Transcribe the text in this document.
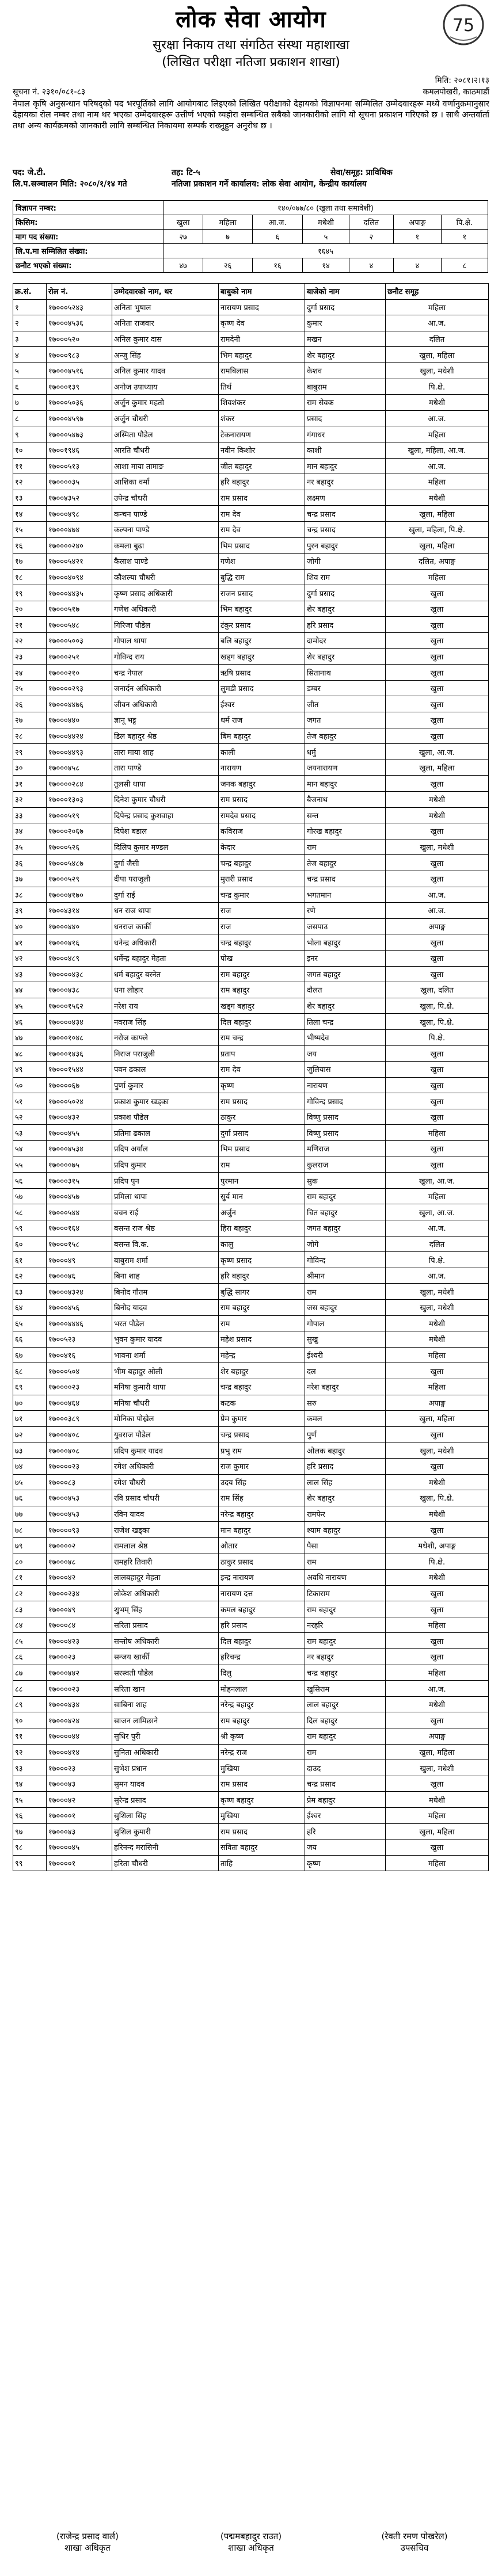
लोक सेवा आयोग
सुरक्षा निकाय तथा संगठित संस्था महाशाखा
(लिखित परीक्षा नतिजा प्रकाशन शाखा)
75
मिति: २०८१।२।१३
सूचना नं. २३१०/०८१-८३	कमलपोखरी, काठमाडौं
नेपाल कृषि अनुसन्धान परिषद्को पद भरपूर्तिको लागि आयोगबाट लिइएको लिखित परीक्षाको देहायको विज्ञापनमा सम्मिलित उम्मेदवारहरू मध्ये वर्णानुक्रमानुसार देहायका रोल नम्बर तथा नाम थर भएका उम्मेदवारहरू उत्तीर्ण भएको व्यहोरा सम्बन्धित सबैको जानकारीको लागि यो सूचना प्रकाशन गरिएको छ । साथै अन्तर्वार्ता तथा अन्य कार्यक्रमको जानकारी लागि सम्बन्धित निकायमा सम्पर्क राख्नुहुन अनुरोध छ ।
पद: जे.टी.	तह: टि-५	सेवा/समूह: प्राविधिक
लि.प.सञ्चालन मिति: २०८०/१/१४ गते	नतिजा प्रकाशन गर्ने कार्यालय: लोक सेवा आयोग, केन्द्रीय कार्यालय
विज्ञापन नम्बर:	१४०/०७७/८० (खुला तथा समावेशी)						
किसिम:	खुला	महिला	आ.ज.	मधेशी	दलित	अपाङ्ग	पि.क्षे.
माग पद संख्या:	२७	७	६	५	२	१	१
लि.प.मा सम्मिलित संख्या:	१६४५						
छनौट भएको संख्या:	४७	२६	१६	१४	४	४	८
क्र.सं.	रोल नं.	उम्मेदवारको नाम, थर	बाबुको नाम	बाजेको नाम	छनौट समूह
१	१७०००५२४३	अनिता भुषाल	नारायण प्रसाद	दुर्गा प्रसाद	महिला
२	१७०००४५३६	अनिता राजवार	कृष्ण देव	कुमार	आ.ज.
३	१७०००५२०	अनिल कुमार दास	रामदेनी	मखन	दलित
४	१७०००९८३	अन्जु सिंह	भिम बहादुर	शेर बहादुर	खुला, महिला
५	१७०००४५१६	अनिल कुमार यादव	रामबिलास	केशव	खुला, मधेशी
६	१७०००१३९	अनोज उपाध्याय	तिर्थ	बाबुराम	पि.क्षे.
७	१७०००५०३६	अर्जुन कुमार महतो	शिवशंकर	राम सेवक	मधेशी
८	१७०००४५९७	अर्जुन चौधरी	शंकर	प्रसाद	आ.ज.
९	१७०००५४७३	अस्मिता पौडेल	टेकनारायण	गंगाधर	महिला
१०	१७००१९४६	आरति चौधरी	नवीन किशोर	काशी	खुला, महिला, आ.ज.
११	१७०००५१३	आशा माया तामाङ	जीत बहादुर	मान बहादुर	आ.ज.
१२	१७००००३५	आशिका वर्मा	हरि बहादुर	नर बहादुर	महिला
१३	१७००४३५२	उपेन्द्र चौधरी	राम प्रसाद	लक्ष्मण	मधेशी
१४	१७०००४९८	कन्चन पाण्डे	राम देव	चन्द्र प्रसाद	खुला, महिला
१५	१७०००४७४	कल्पना पाण्डे	राम देव	चन्द्र प्रसाद	खुला, महिला, पि.क्षे.
१६	१७००००२४०	कमला बुढा	भिम प्रसाद	पुरन बहादुर	खुला, महिला
१७	१७०००५४२१	कैलाश पाण्डे	गणेश	जोगी	दलित, अपाङ्ग
१८	१७०००४०९४	कौशल्या चौधरी	बुद्धि राम	शिव राम	महिला
१९	१७०००४४३५	कृष्ण प्रसाद अधिकारी	राजन प्रसाद	दुर्गा प्रसाद	खुला
२०	१७०००५१७	गणेश अधिकारी	भिम बहादुर	शेर बहादुर	खुला
२१	१७०००५४८	गिरिजा पौडेल	टंकुर प्रसाद	हरि प्रसाद	खुला
२२	१७०००५००३	गोपाल थापा	बलि बहादुर	दामोदर	खुला
२३	१७०००२५१	गोविन्द राय	खड्ग बहादुर	शेर बहादुर	खुला
२४	१७०००२१०	चन्द्र नेपाल	ऋषि प्रसाद	सितानाथ	खुला
२५	१७००००२९३	जनार्दन अधिकारी	लुमडी प्रसाद	डम्बर	खुला
२६	१७०००४४७६	जीवन अधिकारी	ईश्वर	जीत	खुला
२७	१७०००४४०	ज्ञानू भट्ट	धर्म राज	जगत	खुला
२८	१७०००४४२४	डिल बहादुर श्रेष्ठ	बिम बहादुर	तेज बहादुर	खुला
२९	१७०००४४९३	तारा माया शाह	काली	धर्मु	खुला, आ.ज.
३०	१७०००४५८	तारा पाण्डे	नारायण	जयनारायण	खुला, महिला
३१	१७००००२८४	तुलसी थापा	जनक बहादुर	मान बहादुर	खुला
३२	१७०००१३०३	दिनेश कुमार चौधरी	राम प्रसाद	बैजनाथ	मधेशी
३३	१७०००५१९	दिपेन्द्र प्रसाद कुशवाहा	रामदेव प्रसाद	सन्त	मधेशी
३४	१७०००२०६७	दिपेश बडाल	कविराज	गोरख बहादुर	खुला
३५	१७०००५२६	दिलिप कुमार मण्डल	केदार	राम	खुला, मधेशी
३६	१७०००५४८७	दुर्गा जैसी	चन्द्र बहादुर	तेज बहादुर	खुला
३७	१७०००५२९	दीपा पराजुली	मुरारी प्रसाद	चन्द्र प्रसाद	खुला
३८	१७०००४१७०	दुर्गा राई	चन्द्र कुमार	भगतमान	आ.ज.
३९	१७००४३१४	धन राज थापा	राज	रणे	आ.ज.
४०	१७०००४४०	धनराज कार्की	राज	जसपाउ	अपाङ्ग
४१	१७०००४१६	धनेन्द्र अधिकारी	चन्द्र बहादुर	भोला बहादुर	खुला
४२	१७०००४८९	धर्मेन्द्र बहादुर मेहता	पोख	इनर	खुला
४३	१७००००४३८	धर्म बहादुर बस्नेत	राम बहादुर	जगत बहादुर	खुला
४४	१७०००४३८	धना लोहार	राम बहादुर	दौलत	खुला, दलित
४५	१७०००१५६२	नरेश राय	खड्ग बहादुर	शेर बहादुर	खुला, पि.क्षे.
४६	१७००००४३४	नवराज सिंह	दिल बहादुर	तिला चन्द्र	खुला, पि.क्षे.
४७	१७०००१०४८	नरोज काफ्ले	राम चन्द्र	भीष्मदेव	पि.क्षे.
४८	१७०००१४३६	निराज पराजुली	प्रताप	जय	खुला
४९	१७०००१५४४	पवन ढकाल	राम देव	जुलियास	खुला
५०	१७००००६७	पुर्णा कुमार	कृष्ण	नारायण	खुला
५१	१७०००५०२४	प्रकाश कुमार खड्का	राम प्रसाद	गोविन्द प्रसाद	खुला
५२	१७०००४३२	प्रकाश पौडेल	ठाकुर	विष्णु प्रसाद	खुला
५३	१७०००४५५	प्रतिमा ढकाल	दुर्गा प्रसाद	विष्णु प्रसाद	महिला
५४	१७०००४५३४	प्रदिप अर्याल	भिम प्रसाद	मणिराज	खुला
५५	१७००००७५	प्रदिप कुमार	राम	कुलराज	खुला
५६	१७०००३१५	प्रदिप पुन	पुरमान	सुक	खुला, आ.ज.
५७	१७०००४५७	प्रमिला थापा	सुर्य मान	राम बहादुर	महिला
५८	१७०००५४४	बचन राई	अर्जुन	चित बहादुर	खुला, आ.ज.
५९	१७०००१६४	बसन्त राज श्रेष्ठ	हिरा बहादुर	जगत बहादुर	आ.ज.
६०	१७०००१५८	बसन्त वि.क.	कालु	जोगे	दलित
६१	१७०००४९	बाबुराम शर्मा	कृष्ण प्रसाद	गोविन्द	पि.क्षे.
६२	१७०००४६	बिना शाह	हरि बहादुर	श्रीमान	आ.ज.
६३	१७०००४३२४	बिनोद गौतम	बुद्धि सागर	राम	खुला, मधेशी
६४	१७०००४५६	बिनोद यादव	राम बहादुर	जस बहादुर	खुला, मधेशी
६५	१७०००४४४६	भरत पौडेल	राम	गोपाल	मधेशी
६६	१७००५२३	भुवन कुमार यादव	महेश प्रसाद	सुखु	मधेशी
६७	१७००४१६	भावना शर्मा	महेन्द्र	ईश्वरी	महिला
६८	१७०००५०४	भीम बहादुर ओली	शेर बहादुर	दल	खुला
६९	१७००००२३	मनिषा कुमारी थापा	चन्द्र बहादुर	नरेश बहादुर	महिला
७०	१७०००४६४	मनिषा चौधरी	कटक	सरु	अपाङ्ग
७१	१७०००३८९	मोनिका पोख्रेल	प्रेम कुमार	कमल	खुला, महिला
७२	१७०००४०८	युवराज पौडेल	चन्द्र प्रसाद	पुर्ण	खुला
७३	१७०००४०८	प्रदिप कुमार यादव	प्रभु राम	ओलक बहादुर	खुला, मधेशी
७४	१७००००२३	रमेश अधिकारी	राज कुमार	हरि प्रसाद	खुला
७५	१७०००८३	रमेश चौधरी	उदय सिंह	लाल सिंह	मधेशी
७६	१७०००४५३	रवि प्रसाद चौधरी	राम सिंह	शेर बहादुर	खुला, पि.क्षे.
७७	१७०००४५३	रविन यादव	नरेन्द्र बहादुर	रामफेर	मधेशी
७८	१७००००९३	राजेश खड्का	मान बहादुर	श्याम बहादुर	खुला
७९	१७००००२	रामलाल श्रेष्ठ	औतार	पैसा	मधेशी, अपाङ्ग
८०	१७०००४८	रामहरि तिवारी	ठाकुर प्रसाद	राम	पि.क्षे.
८१	१७०००४२	लालबहादुर मेहता	इन्द्र नारायण	अवधि नारायण	मधेशी
८२	१७०००२३४	लोकेश अधिकारी	नारायण दत्त	टिकाराम	खुला
८३	१७०००४९	शुभम् सिंह	कमल बहादुर	राम बहादुर	खुला
८४	१७०००८४	सरिता प्रसाद	हरि प्रसाद	नरहरि	महिला
८५	१७०००४२३	सन्तोष अधिकारी	दिल बहादुर	राम बहादुर	खुला
८६	१७०००२३	सन्जय खार्की	हरिचन्द्र	नर बहादुर	खुला
८७	१७०००४४२	सरस्वती पौडेल	दिलु	चन्द्र बहादुर	महिला
८८	१७००००२३	सरिता खान	मोहनलाल	खुसिराम	आ.ज.
८९	१७०००४३४	साबिना शाह	नरेन्द्र बहादुर	लाल बहादुर	मधेशी
९०	१७०००४२४	साजन लामिछाने	राम बहादुर	दिल बहादुर	खुला
९१	१७००००४४	सुधिर पुरी	श्री कृष्ण	राम बहादुर	अपाङ्ग
९२	१७०००४१४	सुनिता अधिकारी	नरेन्द्र राज	राम	खुला, महिला
९३	१७०००२३	सुभेश प्रधान	मुखिया	दाउद	खुला, मधेशी
९४	१७०००४३	सुमन यादव	राम प्रसाद	चन्द्र प्रसाद	खुला
९५	१७०००४२	सुरेन्द्र प्रसाद	कृष्ण बहादुर	प्रेम बहादुर	मधेशी
९६	१७००००१	सुशिला सिंह	मुखिया	ईश्वर	महिला
९७	१७०००४३	सुशिल कुमारी	राम प्रसाद	हरि	खुला, महिला
९८	१७००००४५	हरिनन्द मरासिनी	सविता बहादुर	जय	खुला
९९	१७००००१	हरिता चौधरी	ताहि	कृष्ण	महिला
(राजेन्द्र प्रसाद वार्ल)
शाखा अधिकृत
(पद्ममबहादुर राउत)
शाखा अधिकृत
(रेवती रमण पोखरेल)
उपसचिव
